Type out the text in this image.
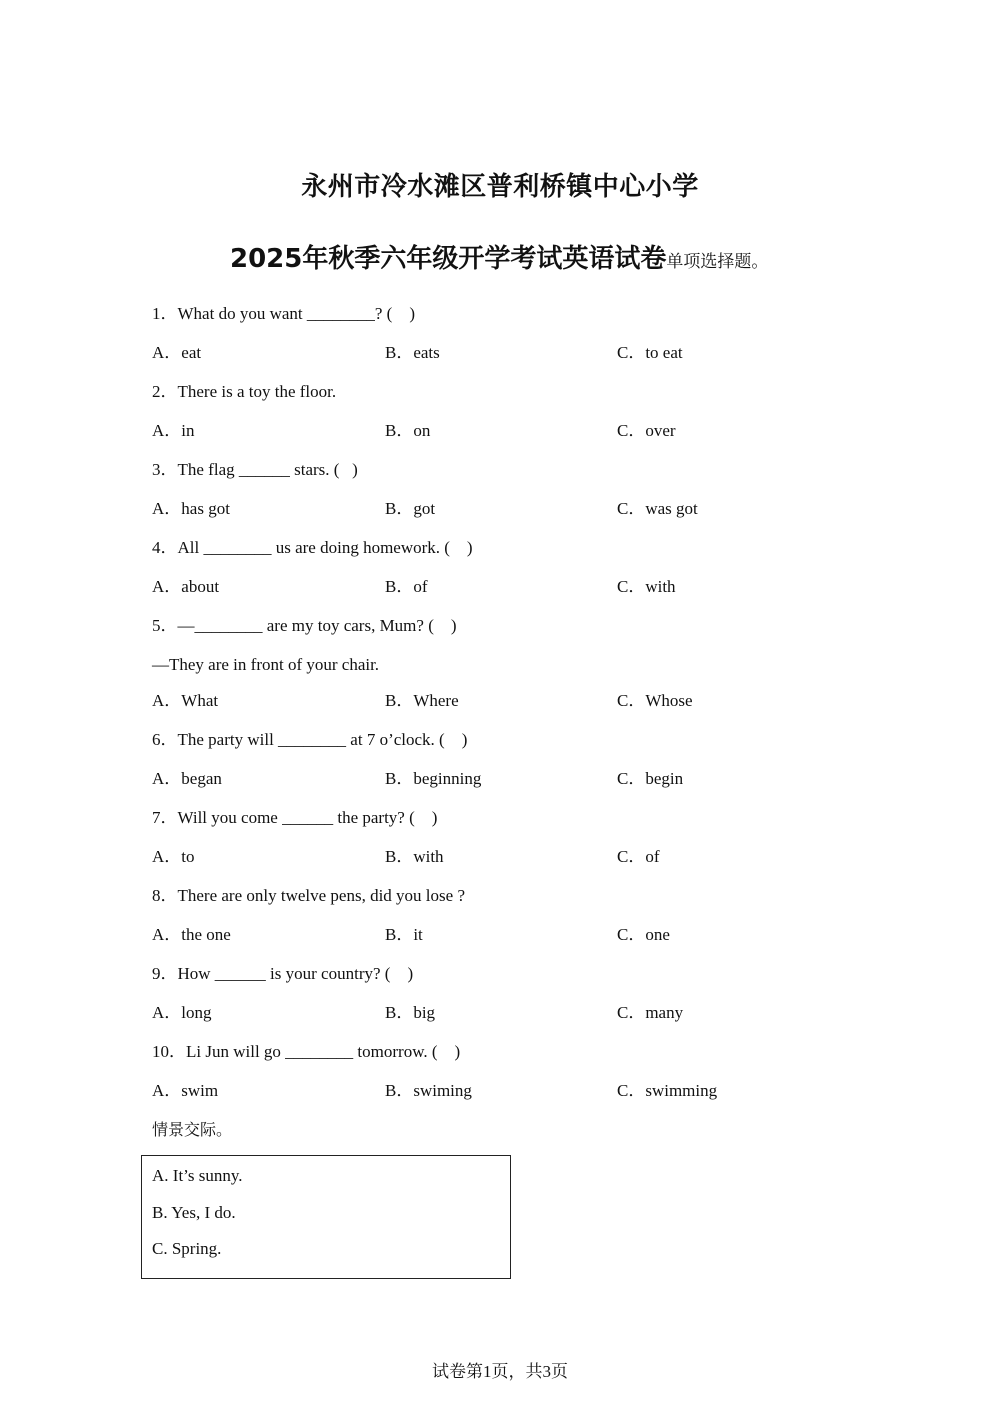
永州市冷水滩区普利桥镇中心小学
2025年秋季六年级开学考试英语试卷单项选择题。
1．What do you want ________? (    )
A．eat	B．eats	C．to eat
2．There is a toy the floor.
A．in	B．on	C．over
3．The flag ______ stars. (   )
A．has got	B．got	C．was got
4．All ________ us are doing homework. (    )
A．about	B．of	C．with
5．—________ are my toy cars, Mum? (    )
—They are in front of your chair.
A．What	B．Where	C．Whose
6．The party will ________ at 7 o’clock. (    )
A．began	B．beginning	C．begin
7．Will you come ______ the party? (    )
A．to	B．with	C．of
8．There are only twelve pens, did you lose ?
A．the one	B．it	C．one
9．How ______ is your country? (    )
A．long	B．big	C．many
10．Li Jun will go ________ tomorrow. (    )
A．swim	B．swiming	C．swimming
情景交际。
A. It’s sunny.
B. Yes, I do.
C. Spring.
试卷第1页，共3页
